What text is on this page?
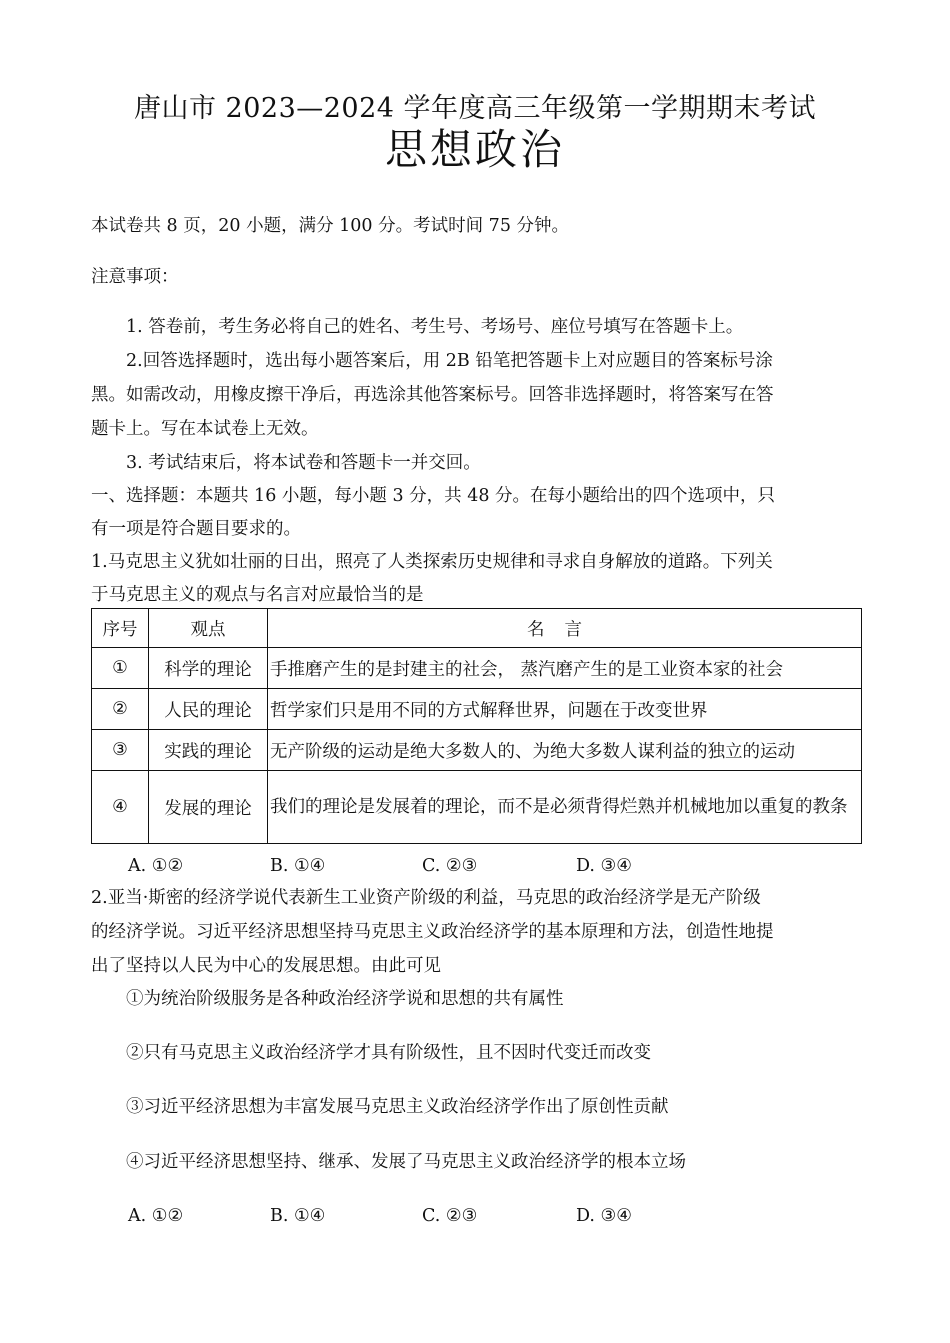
唐山市 2023—2024 学年度高三年级第一学期期末考试
思想政治
本试卷共 8 页，20 小题，满分 100 分。考试时间 75 分钟。
注意事项：
1. 答卷前，考生务必将自己的姓名、考生号、考场号、座位号填写在答题卡上。
2.回答选择题时，选出每小题答案后，用 2B 铅笔把答题卡上对应题目的答案标号涂
黑。如需改动，用橡皮擦干净后，再选涂其他答案标号。回答非选择题时，将答案写在答
题卡上。写在本试卷上无效。
3. 考试结束后，将本试卷和答题卡一并交回。
一、选择题：本题共 16 小题，每小题 3 分，共 48 分。在每小题给出的四个选项中，只
有一项是符合题目要求的。
1.马克思主义犹如壮丽的日出，照亮了人类探索历史规律和寻求自身解放的道路。下列关
于马克思主义的观点与名言对应最恰当的是
序号	观点	名言
①	科学的理论	手推磨产生的是封建主的社会， 蒸汽磨产生的是工业资本家的社会
②	人民的理论	哲学家们只是用不同的方式解释世界，问题在于改变世界
③	实践的理论	无产阶级的运动是绝大多数人的、为绝大多数人谋利益的独立的运动
④	发展的理论	我们的理论是发展着的理论，而不是必须背得烂熟并机械地加以重复的教条
A. ①②	B. ①④	C. ②③	D. ③④
2.亚当·斯密的经济学说代表新生工业资产阶级的利益，马克思的政治经济学是无产阶级
的经济学说。习近平经济思想坚持马克思主义政治经济学的基本原理和方法，创造性地提
出了坚持以人民为中心的发展思想。由此可见
①为统治阶级服务是各种政治经济学说和思想的共有属性
②只有马克思主义政治经济学才具有阶级性，且不因时代变迁而改变
③习近平经济思想为丰富发展马克思主义政治经济学作出了原创性贡献
④习近平经济思想坚持、继承、发展了马克思主义政治经济学的根本立场
A. ①②	B. ①④	C. ②③	D. ③④
